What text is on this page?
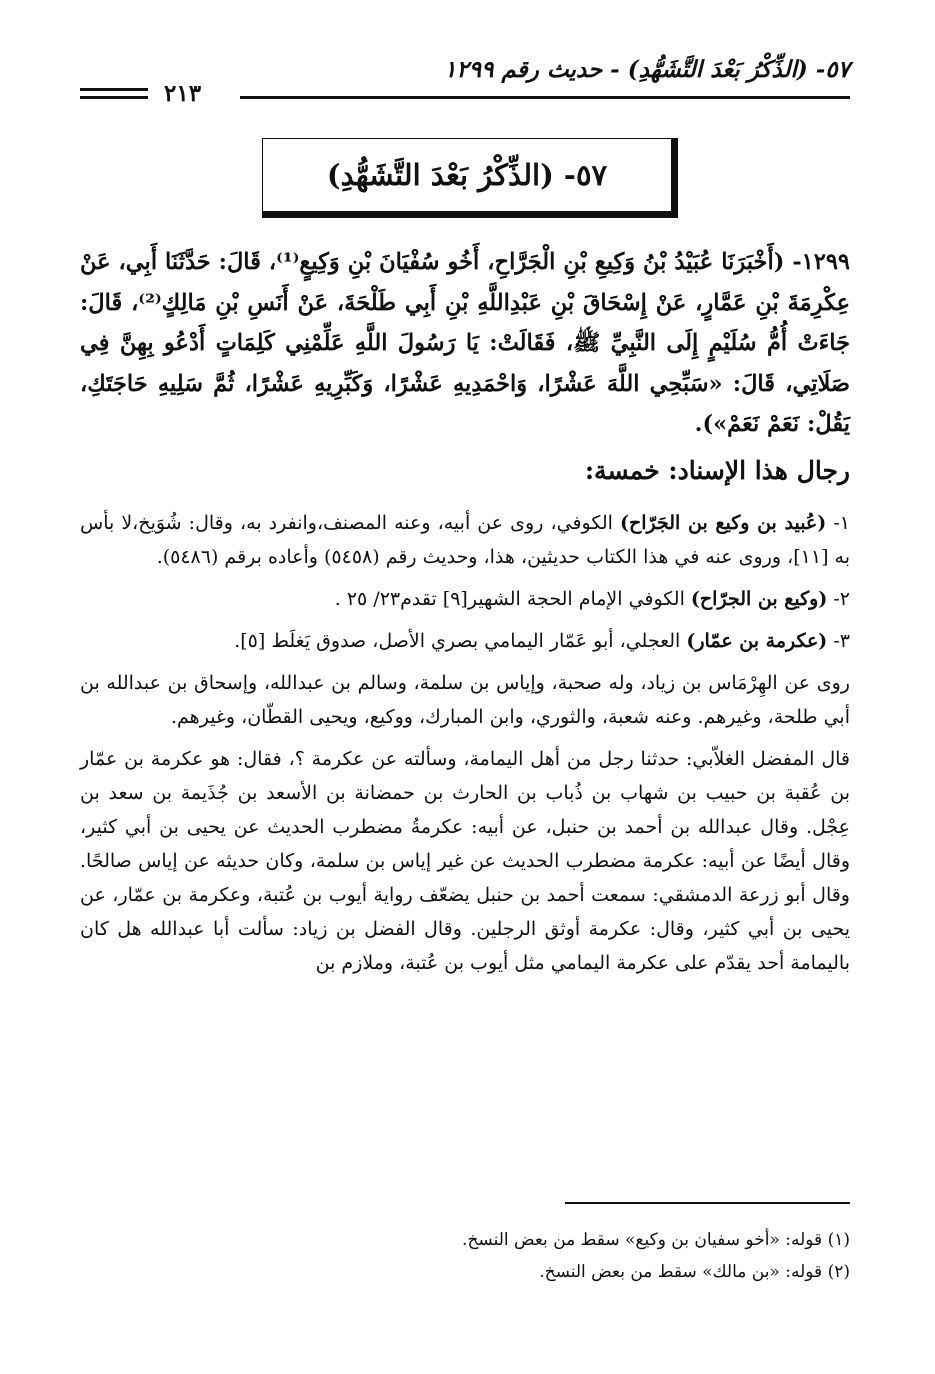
٥٧- (الذِّكْرُ بَعْدَ التَّشَهُّدِ) - حديث رقم ١٢٩٩
٢١٣
٥٧- (الذِّكْرُ بَعْدَ التَّشَهُّدِ)
١٢٩٩- (أَخْبَرَنَا عُبَيْدُ بْنُ وَكِيعِ بْنِ الْجَرَّاحِ، أَخُو سُفْيَانَ بْنِ وَكِيعٍ⁽¹⁾، قَالَ: حَدَّثَنَا أَبِي، عَنْ عِكْرِمَةَ بْنِ عَمَّارٍ، عَنْ إِسْحَاقَ بْنِ عَبْدِاللَّهِ بْنِ أَبِي طَلْحَةَ، عَنْ أَنَسِ بْنِ مَالِكٍ⁽²⁾، قَالَ: جَاءَتْ أُمُّ سُلَيْمٍ إِلَى النَّبِيِّ ﷺ، فَقَالَتْ: يَا رَسُولَ اللَّهِ عَلِّمْنِي كَلِمَاتٍ أَدْعُو بِهِنَّ فِي صَلَاتِي، قَالَ: «سَبِّحِي اللَّهَ عَشْرًا، وَاحْمَدِيهِ عَشْرًا، وَكَبِّرِيهِ عَشْرًا، ثُمَّ سَلِيهِ حَاجَتَكِ، يَقُلْ: نَعَمْ نَعَمْ»).
رجال هذا الإسناد: خمسة:

١- (عُبيد بن وكيع بن الجَرّاح) الكوفي، روى عن أبيه، وعنه المصنف،وانفرد به، وقال: شُوَيخ،لا بأس به [١١]، وروى عنه في هذا الكتاب حديثين، هذا، وحديث رقم (٥٤٥٨) وأعاده برقم (٥٤٨٦).

٢- (وكيع بن الجرّاح) الكوفي الإمام الحجة الشهير[٩] تقدم٢٣/ ٢٥ .

٣- (عكرمة بن عمّار) العجلي، أبو عَمّار اليمامي بصري الأصل، صدوق يَغلَط [٥].

روى عن الهِرْمَاس بن زياد، وله صحبة، وإياس بن سلمة، وسالم بن عبدالله، وإسحاق بن عبدالله بن أبي طلحة، وغيرهم. وعنه شعبة، والثوري، وابن المبارك، ووكيع، ويحيى القطّان، وغيرهم.

قال المفضل الغلاّبي: حدثنا رجل من أهل اليمامة، وسألته عن عكرمة ؟، فقال: هو عكرمة بن عمّار بن عُقبة بن حبيب بن شهاب بن ذُباب بن الحارث بن حمضانة بن الأسعد بن جُذَيمة بن سعد بن عِجْل. وقال عبدالله بن أحمد بن حنبل، عن أبيه: عكرمةُ مضطرب الحديث عن يحيى بن أبي كثير، وقال أيضًا عن أبيه: عكرمة مضطرب الحديث عن غير إياس بن سلمة، وكان حديثه عن إياس صالحًا. وقال أبو زرعة الدمشقي: سمعت أحمد بن حنبل يضعّف رواية أيوب بن عُتبة، وعكرمة بن عمّار، عن يحيى بن أبي كثير، وقال: عكرمة أوثق الرجلين. وقال الفضل بن زياد: سألت أبا عبدالله هل كان باليمامة أحد يقدّم على عكرمة اليمامي مثل أيوب بن عُتبة، وملازم بن

(١) قوله: «أخو سفيان بن وكيع» سقط من بعض النسخ.

(٢) قوله: «بن مالك» سقط من بعض النسخ.
